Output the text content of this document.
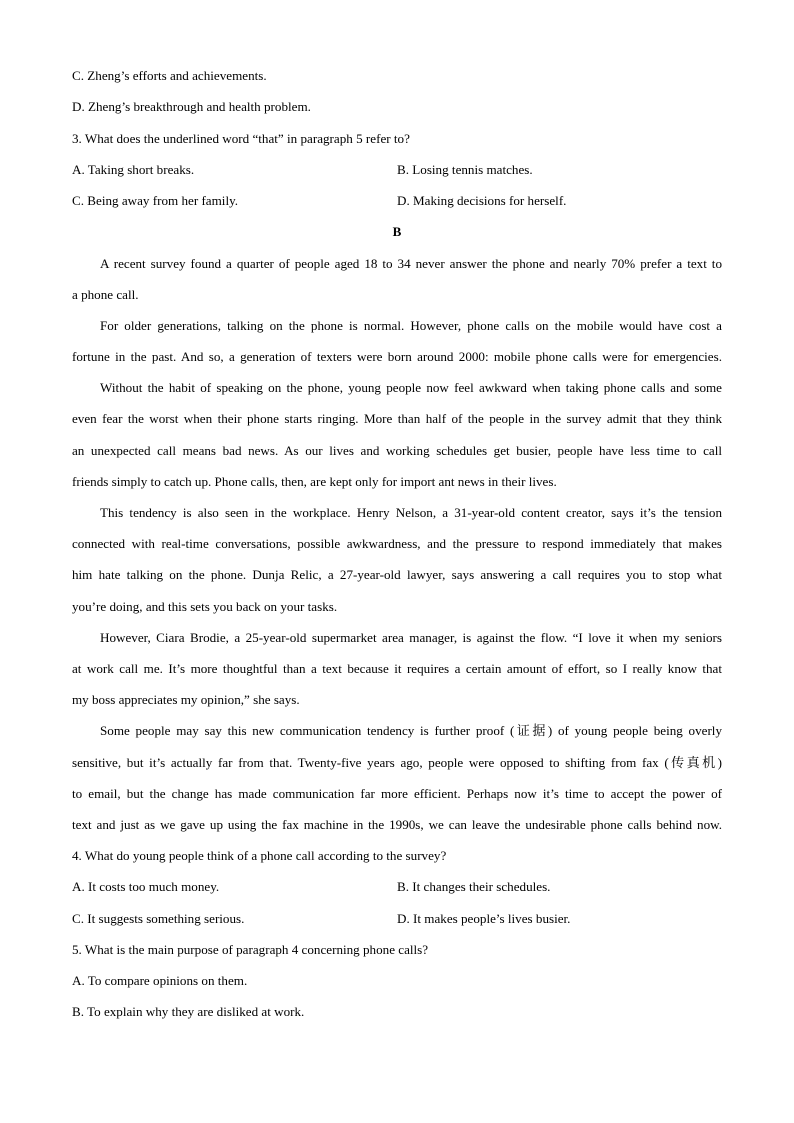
C. Zheng’s efforts and achievements.

D. Zheng’s breakthrough and health problem.

3. What does the underlined word “that” in paragraph 5 refer to?

A. Taking short breaks.	B. Losing tennis matches.

C. Being away from her family.	D. Making decisions for herself.

B

A recent survey found a quarter of people aged 18 to 34 never answer the phone and nearly 70% prefer a text to

a phone call.

For older generations, talking on the phone is normal. However, phone calls on the mobile would have cost a

fortune in the past. And so, a generation of texters were born around 2000: mobile phone calls were for emergencies.

Without the habit of speaking on the phone, young people now feel awkward when taking phone calls and some

even fear the worst when their phone starts ringing. More than half of the people in the survey admit that they think

an unexpected call means bad news. As our lives and working schedules get busier, people have less time to call

friends simply to catch up. Phone calls, then, are kept only for import ant news in their lives.

This tendency is also seen in the workplace. Henry Nelson, a 31-year-old content creator, says it’s the tension

connected with real-time conversations, possible awkwardness, and the pressure to respond immediately that makes

him hate talking on the phone. Dunja Relic, a 27-year-old lawyer, says answering a call requires you to stop what

you’re doing, and this sets you back on your tasks.

However, Ciara Brodie, a 25-year-old supermarket area manager, is against the flow. “I love it when my seniors

at work call me. It’s more thoughtful than a text because it requires a certain amount of effort, so I really know that

my boss appreciates my opinion,” she says.

Some people may say this new communication tendency is further proof (证据) of young people being overly

sensitive, but it’s actually far from that. Twenty-five years ago, people were opposed to shifting from fax (传真机)

to email, but the change has made communication far more efficient. Perhaps now it’s time to accept the power of

text and just as we gave up using the fax machine in the 1990s, we can leave the undesirable phone calls behind now.

4. What do young people think of a phone call according to the survey?

A. It costs too much money.	B. It changes their schedules.

C. It suggests something serious.	D. It makes people’s lives busier.

5. What is the main purpose of paragraph 4 concerning phone calls?

A. To compare opinions on them.

B. To explain why they are disliked at work.
